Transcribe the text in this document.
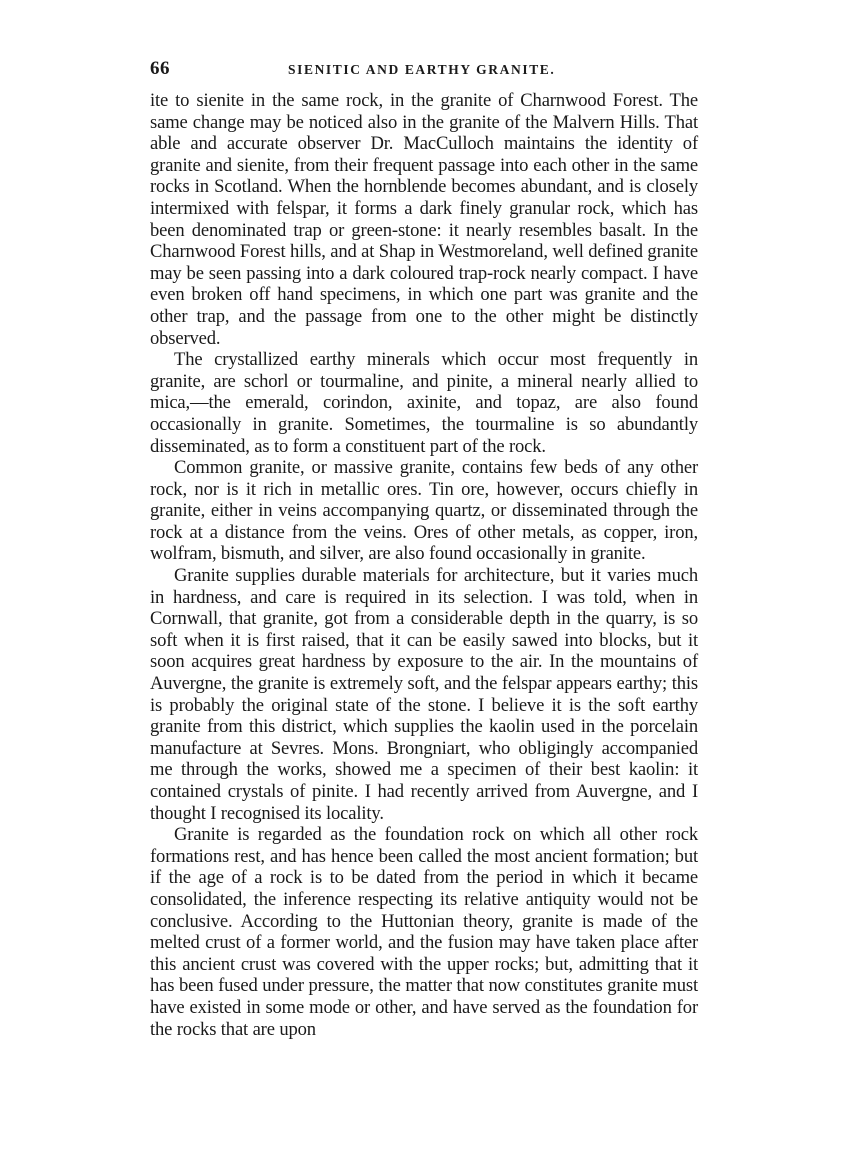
66	SIENITIC AND EARTHY GRANITE.

ite to sienite in the same rock, in the granite of Charnwood Forest. The same change may be noticed also in the granite of the Malvern Hills. That able and accurate observer Dr. MacCulloch maintains the identity of granite and sienite, from their frequent passage into each other in the same rocks in Scotland. When the hornblende becomes abundant, and is closely intermixed with felspar, it forms a dark finely granular rock, which has been denominated trap or green-stone: it nearly resembles basalt. In the Charnwood Forest hills, and at Shap in Westmoreland, well defined granite may be seen passing into a dark coloured trap-rock nearly compact. I have even broken off hand specimens, in which one part was granite and the other trap, and the passage from one to the other might be distinctly observed.

The crystallized earthy minerals which occur most frequently in granite, are schorl or tourmaline, and pinite, a mineral nearly allied to mica,—the emerald, corindon, axinite, and topaz, are also found occasionally in granite. Sometimes, the tourmaline is so abundantly disseminated, as to form a constituent part of the rock.

Common granite, or massive granite, contains few beds of any other rock, nor is it rich in metallic ores. Tin ore, however, occurs chiefly in granite, either in veins accompanying quartz, or disseminated through the rock at a distance from the veins. Ores of other metals, as copper, iron, wolfram, bismuth, and silver, are also found occasionally in granite.

Granite supplies durable materials for architecture, but it varies much in hardness, and care is required in its selection. I was told, when in Cornwall, that granite, got from a considerable depth in the quarry, is so soft when it is first raised, that it can be easily sawed into blocks, but it soon acquires great hardness by exposure to the air. In the mountains of Auvergne, the granite is extremely soft, and the felspar appears earthy; this is probably the original state of the stone. I believe it is the soft earthy granite from this district, which supplies the kaolin used in the porcelain manufacture at Sevres. Mons. Brongniart, who obligingly accompanied me through the works, showed me a specimen of their best kaolin: it contained crystals of pinite. I had recently arrived from Auvergne, and I thought I recognised its locality.

Granite is regarded as the foundation rock on which all other rock formations rest, and has hence been called the most ancient formation; but if the age of a rock is to be dated from the period in which it became consolidated, the inference respecting its relative antiquity would not be conclusive. According to the Huttonian theory, granite is made of the melted crust of a former world, and the fusion may have taken place after this ancient crust was covered with the upper rocks; but, admitting that it has been fused under pressure, the matter that now constitutes granite must have existed in some mode or other, and have served as the foundation for the rocks that are upon
